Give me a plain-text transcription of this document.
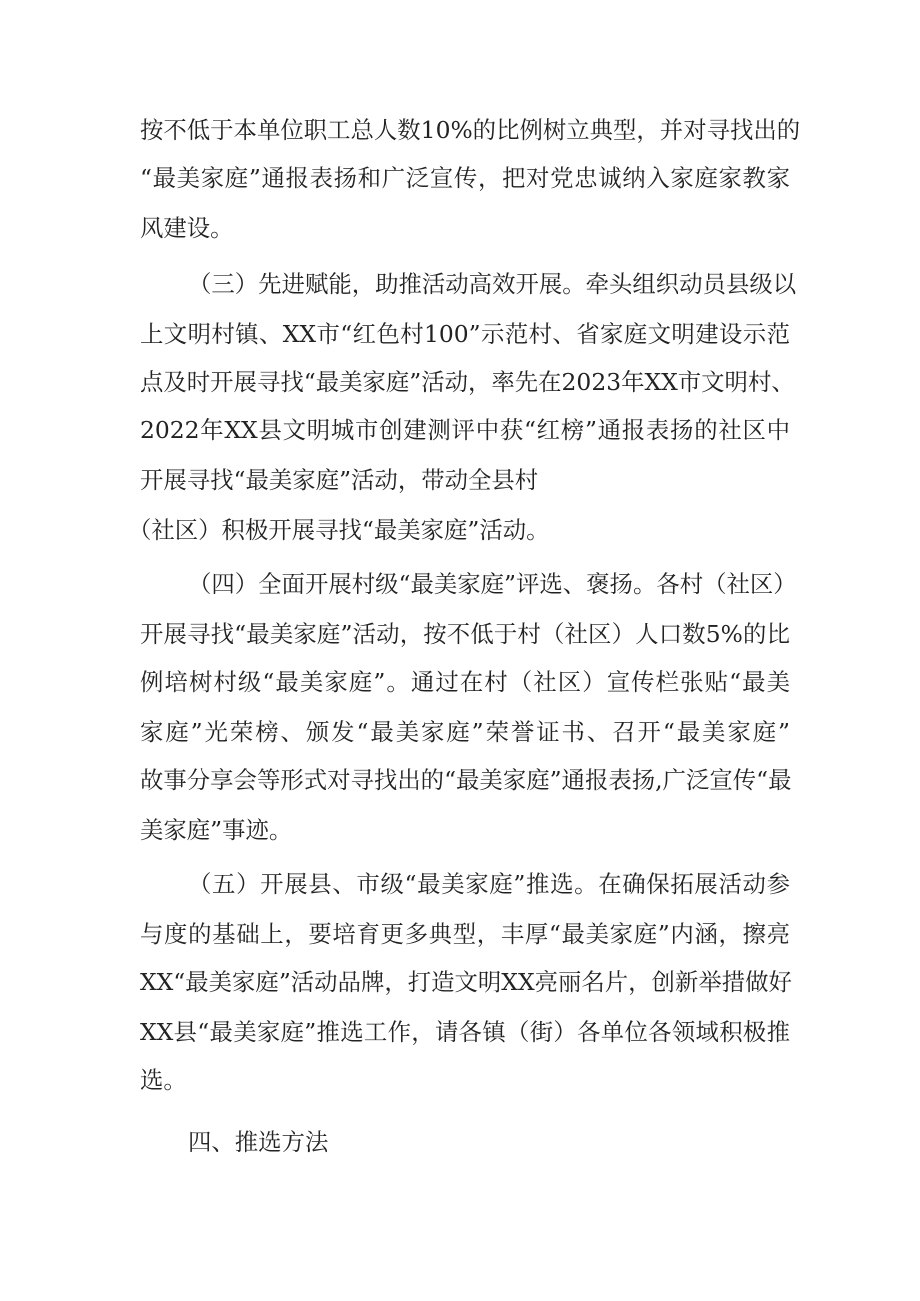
按不低于本单位职工总人数10%的比例树立典型，并对寻找出的
“最美家庭”通报表扬和广泛宣传，把对党忠诚纳入家庭家教家
风建设。
（三）先进赋能，助推活动高效开展。牵头组织动员县级以
上文明村镇、XX市“红色村100”示范村、省家庭文明建设示范
点及时开展寻找“最美家庭”活动，率先在2023年XX市文明村、
2022年XX县文明城市创建测评中获“红榜”通报表扬的社区中
开展寻找“最美家庭”活动，带动全县村
（社区）积极开展寻找“最美家庭”活动。
（四）全面开展村级“最美家庭”评选、褒扬。各村（社区）
开展寻找“最美家庭”活动，按不低于村（社区）人口数5%的比
例培树村级“最美家庭”。通过在村（社区）宣传栏张贴“最美
家庭”光荣榜、颁发“最美家庭”荣誉证书、召开“最美家庭”
故事分享会等形式对寻找出的“最美家庭”通报表扬,广泛宣传“最
美家庭”事迹。
（五）开展县、市级“最美家庭”推选。在确保拓展活动参
与度的基础上，要培育更多典型，丰厚“最美家庭”内涵，擦亮
XX“最美家庭”活动品牌，打造文明XX亮丽名片，创新举措做好
XX县“最美家庭”推选工作，请各镇（街）各单位各领域积极推
选。
四、推选方法
